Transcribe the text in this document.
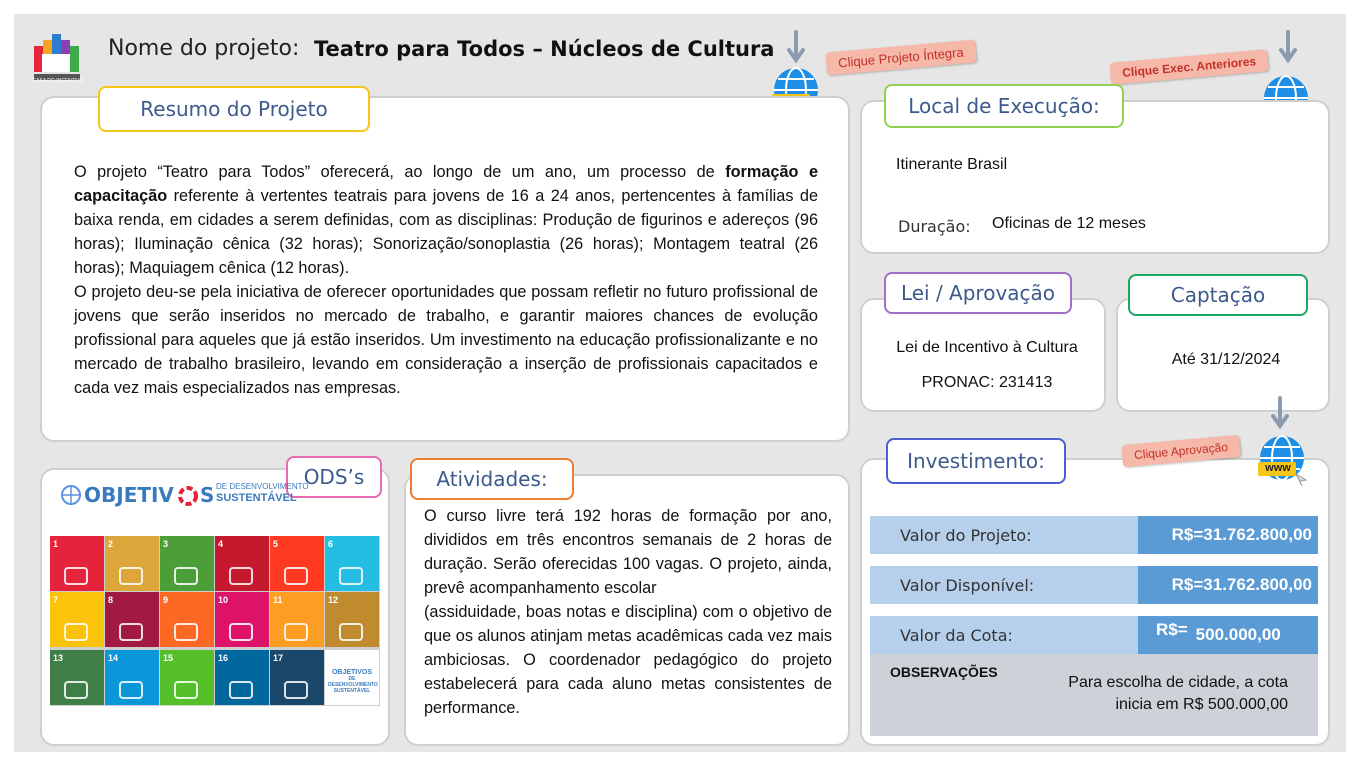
CASA DO INCENTIVO
Nome do projeto: Teatro para Todos – Núcleos de Cultura	Clique Projeto Íntegra	Clique Exec. Anteriores
Resumo do Projeto
O projeto “Teatro para Todos” oferecerá, ao longo de um ano, um processo de formação e capacitação referente à vertentes teatrais para jovens de 16 a 24 anos, pertencentes à famílias de baixa renda, em cidades a serem definidas, com as disciplinas: Produção de figurinos e adereços (96 horas); Iluminação cênica (32 horas); Sonorização/sonoplastia (26 horas); Montagem teatral (26 horas); Maquiagem cênica (12 horas).
O projeto deu-se pela iniciativa de oferecer oportunidades que possam refletir no futuro profissional de jovens que serão inseridos no mercado de trabalho, e garantir maiores chances de evolução profissional para aqueles que já estão inseridos. Um investimento na educação profissionalizante e no mercado de trabalho brasileiro, levando em consideração a inserção de profissionais capacitados e cada vez mais especializados nas empresas.
Local de Execução:
Itinerante Brasil
Duração: Oficinas de 12 meses
Lei / Aprovação
Lei de Incentivo à Cultura
PRONAC: 231413
Captação
Até 31/12/2024
ODS’s
OBJETIV S DE DESENVOLVIMENTO
SUSTENTÁVEL
1	2	3	4	5	6
7	8	9	10	11	12
13	14	15	16	17
OBJETIVOS
DE DESENVOLVIMENTO SUSTENTÁVEL
Atividades:
O curso livre terá 192 horas de formação por ano, divididos em três encontros semanais de 2 horas de duração. Serão oferecidas 100 vagas. O projeto, ainda, prevê acompanhamento escolar
(assiduidade, boas notas e disciplina) com o objetivo de que os alunos atinjam metas acadêmicas cada vez mais ambiciosas. O coordenador pedagógico do projeto estabelecerá para cada aluno metas consistentes de performance.
Investimento:	Clique Aprovação
www
Valor do Projeto:	R$=31.762.800,00
Valor Disponível:	R$=31.762.800,00
Valor da Cota:	R$= 500.000,00
OBSERVAÇÕES
Para escolha de cidade, a cota
inicia em R$ 500.000,00
